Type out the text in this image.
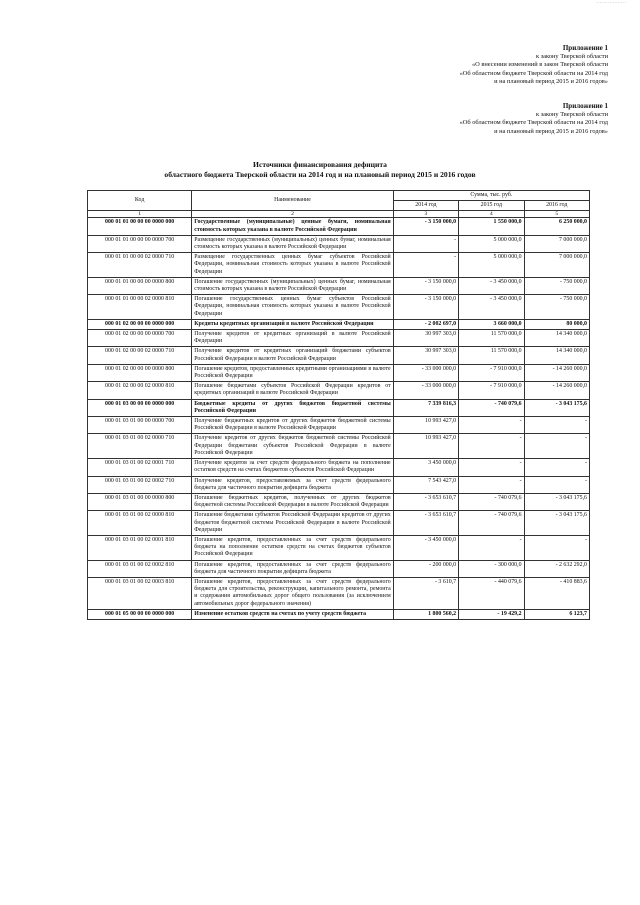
………………
Приложение 1
к закону Тверской области
«О внесении изменений в закон Тверской области
«Об областном бюджете Тверской области на 2014 год
и на плановый период 2015 и 2016 годов»
Приложение 1
к закону Тверской области
«Об областном бюджете Тверской области на 2014 год
и на плановый период 2015 и 2016 годов»
Источники финансирования дефицита
областного бюджета Тверской области на 2014 год и на плановый период 2015 и 2016 годов
Код	Наименование	Сумма, тыс. руб.		
		2014 год	2015 год	2016 год
1	2	3	4	5
000 01 01 00 00 00 0000 000	Государственные (муниципальные) ценные бумаги, номинальная стоимость которых указана в валюте Российской Федерации	- 3 150 000,0	1 550 000,0	6 250 000,0
000 01 01 00 00 00 0000 700	Размещение государственных (муниципальных) ценных бумаг, номинальная стоимость которых указана в валюте Российской Федерации	-	5 000 000,0	7 000 000,0
000 01 01 00 00 02 0000 710	Размещение государственных ценных бумаг субъектов Российской Федерации, номинальная стоимость которых указана в валюте Российской Федерации	-	5 000 000,0	7 000 000,0
000 01 01 00 00 00 0000 800	Погашение государственных (муниципальных) ценных бумаг, номинальная стоимость которых указана в валюте Российской Федерации	- 3 150 000,0	- 3 450 000,0	- 750 000,0
000 01 01 00 00 02 0000 810	Погашение государственных ценных бумаг субъектов Российской Федерации, номинальная стоимость которых указана в валюте Российской Федерации	- 3 150 000,0	- 3 450 000,0	- 750 000,0
000 01 02 00 00 00 0000 000	Кредиты кредитных организаций в валюте Российской Федерации	- 2 002 697,0	3 660 000,0	80 000,0
000 01 02 00 00 00 0000 700	Получение кредитов от кредитных организаций в валюте Российской Федерации	30 997 303,0	11 570 000,0	14 340 000,0
000 01 02 00 00 02 0000 710	Получение кредитов от кредитных организаций бюджетами субъектов Российской Федерации в валюте Российской Федерации	30 997 303,0	11 570 000,0	14 340 000,0
000 01 02 00 00 00 0000 800	Погашение кредитов, предоставленных кредитными организациями в валюте Российской Федерации	- 33 000 000,0	- 7 910 000,0	- 14 260 000,0
000 01 02 00 00 02 0000 810	Погашение бюджетами субъектов Российской Федерации кредитов от кредитных организаций в валюте Российской Федерации	- 33 000 000,0	- 7 910 000,0	- 14 260 000,0
000 01 03 00 00 00 0000 000	Бюджетные кредиты от других бюджетов бюджетной системы Российской Федерации	7 339 816,3	- 740 079,6	- 3 043 175,6
000 01 03 01 00 00 0000 700	Получение бюджетных кредитов от других бюджетов бюджетной системы Российской Федерации в валюте Российской Федерации	10 993 427,0	-	-
000 01 03 01 00 02 0000 710	Получение кредитов от других бюджетов бюджетной системы Российской Федерации бюджетами субъектов Российской Федерации в валюте Российской Федерации	10 993 427,0	-	-
000 01 03 01 00 02 0001 710	Получение кредитов за счет средств федерального бюджета на пополнение остатков средств на счетах бюджетов субъектов Российской Федерации	3 450 000,0	-	-
000 01 03 01 00 02 0002 710	Получение кредитов, предоставляемых за счет средств федерального бюджета для частичного покрытия дефицита бюджета	7 543 427,0	-	-
000 01 03 01 00 00 0000 800	Погашение бюджетных кредитов, полученных от других бюджетов бюджетной системы Российской Федерации в валюте Российской Федерации	- 3 653 610,7	- 740 079,6	- 3 043 175,6
000 01 03 01 00 02 0000 810	Погашение бюджетами субъектов Российской Федерации кредитов от других бюджетов бюджетной системы Российской Федерации в валюте Российской Федерации	- 3 653 610,7	- 740 079,6	- 3 043 175,6
000 01 03 01 00 02 0001 810	Погашение кредитов, предоставленных за счет средств федерального бюджета на пополнение остатков средств на счетах бюджетов субъектов Российской Федерации	- 3 450 000,0	-	-
000 01 03 01 00 02 0002 810	Погашение кредитов, предоставленных за счет средств федерального бюджета для частичного покрытия дефицита бюджета	- 200 000,0	- 300 000,0	- 2 632 292,0
000 01 03 01 00 02 0003 810	Погашение кредитов, предоставленных за счет средств федерального бюджета для строительства, реконструкции, капитального ремонта, ремонта и содержания автомобильных дорог общего пользования (за исключением автомобильных дорог федерального значения)	- 3 610,7	- 440 079,6	- 410 883,6
000 01 05 00 00 00 0000 000	Изменение остатков средств на счетах по учету средств бюджета	1 800 560,2	- 19 429,2	6 123,7
